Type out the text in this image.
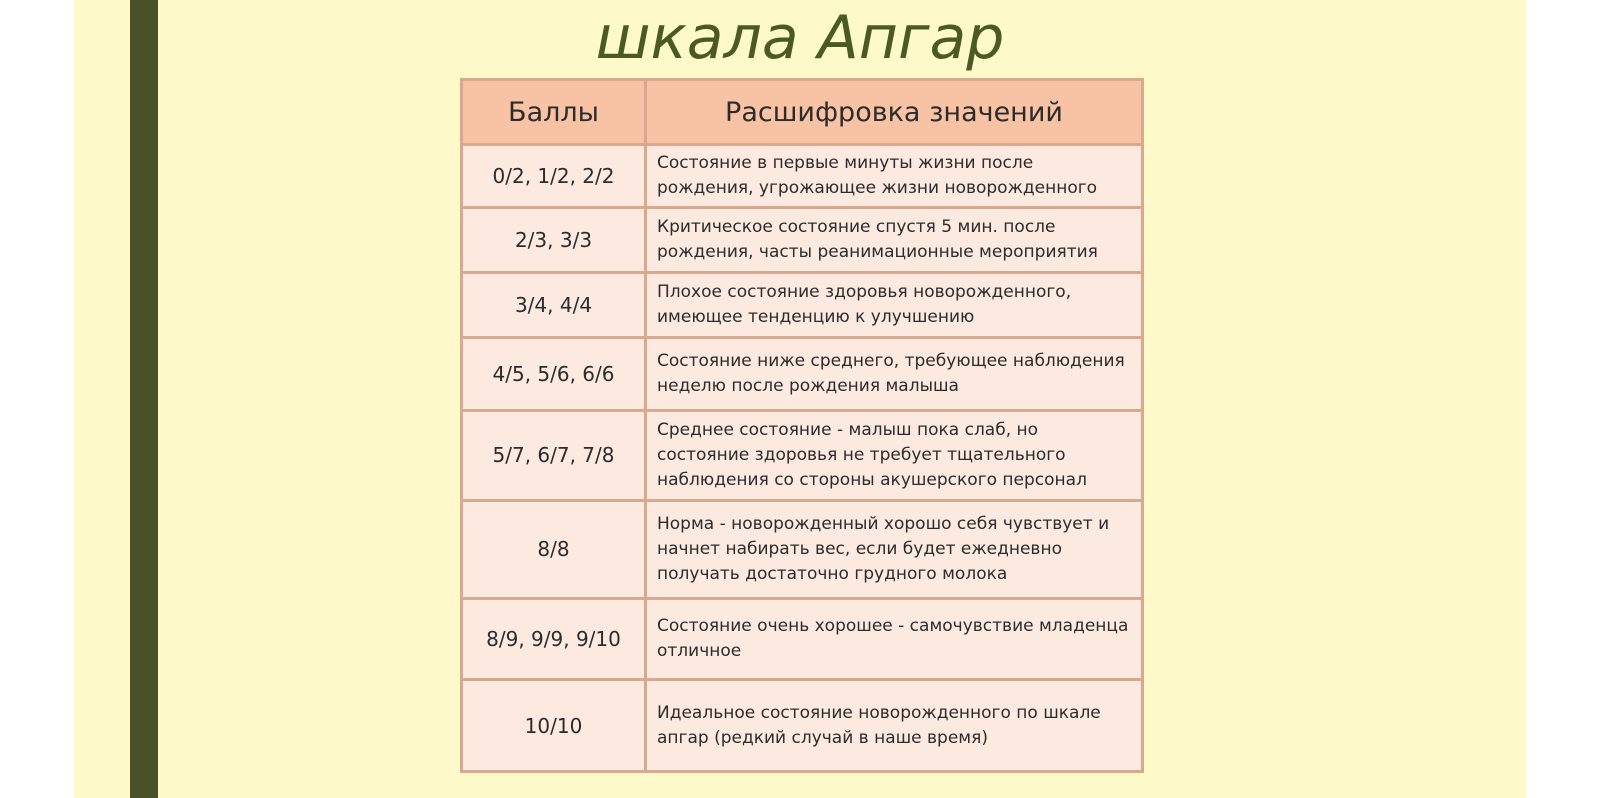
шкала Апгар
Баллы	Расшифровка значений
0/2, 1/2, 2/2	Состояние в первые минуты жизни после рождения, угрожающее жизни новорожденного
2/3, 3/3	Критическое состояние спустя 5 мин. после рождения, часты реанимационные мероприятия
3/4, 4/4	Плохое состояние здоровья новорожденного, имеющее тенденцию к улучшению
4/5, 5/6, 6/6	Состояние ниже среднего, требующее наблюдения неделю после рождения малыша
5/7, 6/7, 7/8	Среднее состояние - малыш пока слаб, но состояние здоровья не требует тщательного наблюдения со стороны акушерского персонал
8/8	Норма - новорожденный хорошо себя чувствует и начнет набирать вес, если будет ежедневно получать достаточно грудного молока
8/9, 9/9, 9/10	Состояние очень хорошее - самочувствие младенца отличное
10/10	Идеальное состояние новорожденного по шкале апгар (редкий случай в наше время)
